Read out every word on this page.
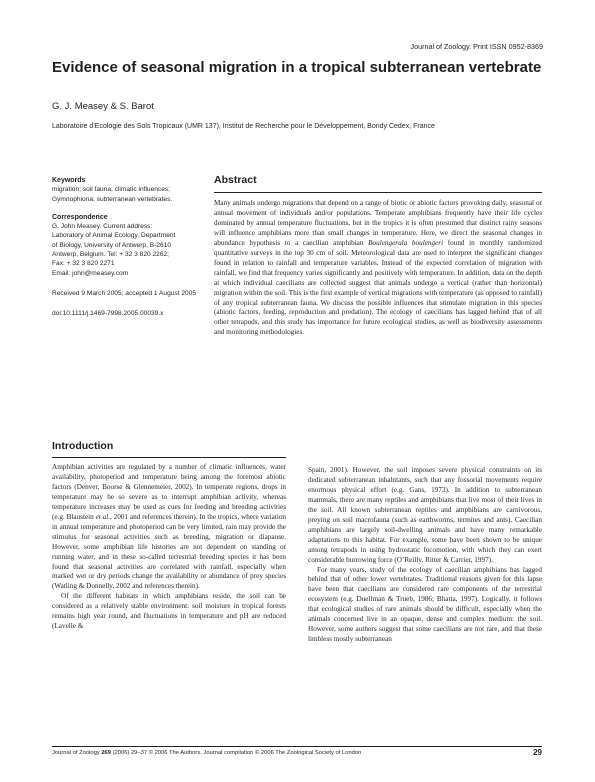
Journal of Zoology. Print ISSN 0952-8369
Evidence of seasonal migration in a tropical subterranean vertebrate
G. J. Measey & S. Barot
Laboratoire d’Ecologie des Sols Tropicaux (UMR 137), Institut de Recherche pour le Développement, Bondy Cedex, France
Keywords
migration; soil fauna; climatic influences; Gymnophiona; subterranean vertebrates.
Correspondence
G. John Measey. Current address:
Laboratory of Animal Ecology, Department
of Biology, University of Antwerp, B-2610
Antwerp, Belgium. Tel: + 32 3 820 2262;
Fax: + 32 3 820 2271
Email: john@measey.com
Received 9 March 2005; accepted 1 August 2005
doi:10.1111/j.1469-7998.2005.00039.x
Abstract

Many animals undergo migrations that depend on a range of biotic or abiotic factors provoking daily, seasonal or annual movement of individuals and/or populations. Temperate amphibians frequently have their life cycles dominated by annual temperature fluctuations, but in the tropics it is often presumed that distinct rainy seasons will influence amphibians more than small changes in temperature. Here, we direct the seasonal changes in abundance hypothesis to a caecilian amphibian Boulengerula boulengeri found in monthly randomized quantitative surveys in the top 30 cm of soil. Meteorological data are used to interpret the significant changes found in relation to rainfall and temperature variables. Instead of the expected correlation of migration with rainfall, we find that frequency varies significantly and positively with temperature. In addition, data on the depth at which individual caecilians are collected suggest that animals undergo a vertical (rather than horizontal) migration within the soil. This is the first example of vertical migrations with temperature (as opposed to rainfall) of any tropical subterranean fauna. We discuss the possible influences that stimulate migration in this species (abiotic factors, feeding, reproduction and predation). The ecology of caecilians has lagged behind that of all other tetrapods, and this study has importance for future ecological studies, as well as biodiversity assessments and monitoring methodologies.

Introduction

Amphibian activities are regulated by a number of climatic influences, water availability, photoperiod and temperature being among the foremost abiotic factors (Denver, Boorse & Glennemeier, 2002). In temperate regions, drops in temperature may be so severe as to interrupt amphibian activity, whereas temperature increases may be used as cues for feeding and breeding activities (e.g. Blaustein et al., 2001 and references therein). In the tropics, where variation in annual temperature and photoperiod can be very limited, rain may provide the stimulus for seasonal activities such as breeding, migration or diapause. However, some amphibian life histories are not dependent on standing or running water, and in these so-called terrestrial breeding species it has been found that seasonal activities are correlated with rainfall, especially when marked wet or dry periods change the availability or abundance of prey species (Watling & Donnelly, 2002 and references therein).

Of the different habitats in which amphibians reside, the soil can be considered as a relatively stable environment: soil moisture in tropical forests remains high year round, and fluctuations in temperature and pH are reduced (Lavelle &

Spain, 2001). However, the soil imposes severe physical constraints on its dedicated subterranean inhabitants, such that any fossorial movements require enormous physical effort (e.g. Gans, 1973). In addition to subterranean mammals, there are many reptiles and amphibians that live most of their lives in the soil. All known subterranean reptiles and amphibians are carnivorous, preying on soil macrofauna (such as earthworms, termites and ants). Caecilian amphibians are largely soil-dwelling animals and have many remarkable adaptations to this habitat. For example, some have been shown to be unique among tetrapods in using hydrostatic locomotion, with which they can exert considerable burrowing force (O’Reilly, Ritter & Carrier, 1997).

For many years, study of the ecology of caecilian amphibians has lagged behind that of other lower vertebrates. Traditional reasons given for this lapse have been that caecilians are considered rare components of the terrestrial ecosystem (e.g. Duellman & Trueb, 1986; Bhatta, 1997). Logically, it follows that ecological studies of rare animals should be difficult, especially when the animals concerned live in an opaque, dense and complex medium: the soil. However, some authors suggest that some caecilians are not rare, and that these limbless mostly subterranean

Journal of Zoology 269 (2006) 29–37 © 2006 The Authors. Journal compilation © 2006 The Zoological Society of London	29
